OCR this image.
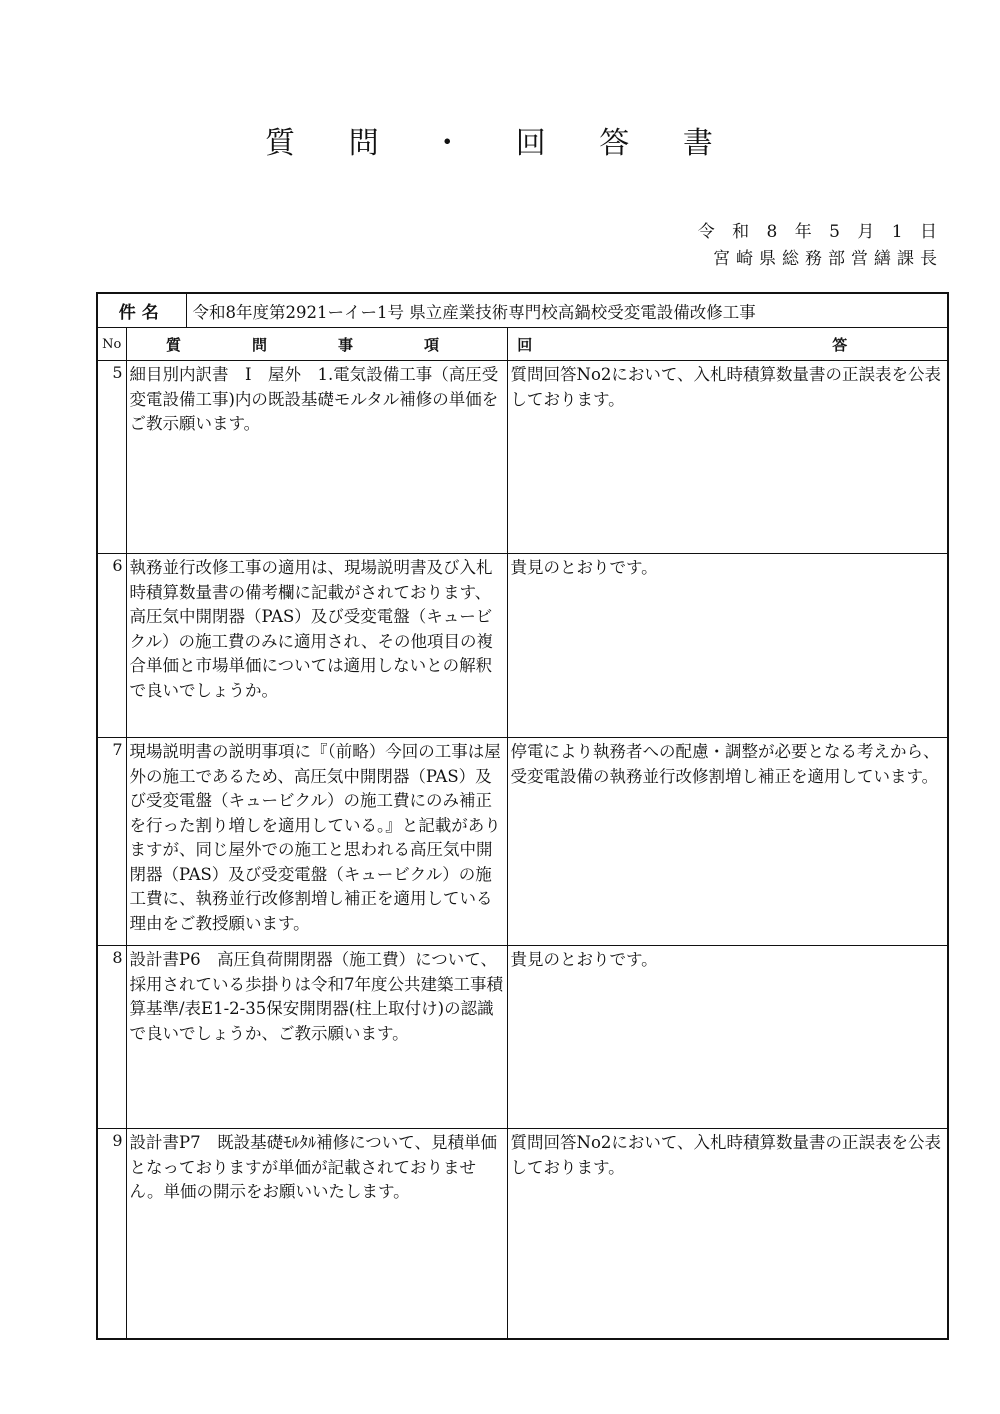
質 問 ・ 回 答 書
令 和 8 年 5 月 1 日
宮崎県総務部営繕課長
件名		令和8年度第2921ーイー1号 県立産業技術専門校高鍋校受変電設備改修工事	
No	質　問　事　項		回　　答
5	細目別内訳書　Ⅰ　屋外　1.電気設備工事（高圧受変電設備工事)内の既設基礎モルタル補修の単価をご教示願います。		質問回答No2において、入札時積算数量書の正誤表を公表しております。
6	執務並行改修工事の適用は、現場説明書及び入札時積算数量書の備考欄に記載がされております、高圧気中開閉器（PAS）及び受変電盤（キュービクル）の施工費のみに適用され、その他項目の複合単価と市場単価については適用しないとの解釈で良いでしょうか。		貴見のとおりです。
7	現場説明書の説明事項に『（前略）今回の工事は屋外の施工であるため、高圧気中開閉器（PAS）及び受変電盤（キュービクル）の施工費にのみ補正を行った割り増しを適用している。』と記載がありますが、同じ屋外での施工と思われる高圧気中開閉器（PAS）及び受変電盤（キュービクル）の施工費に、執務並行改修割増し補正を適用している理由をご教授願います。		停電により執務者への配慮・調整が必要となる考えから、受変電設備の執務並行改修割増し補正を適用しています。
8	設計書P6　高圧負荷開閉器（施工費）について、採用されている歩掛りは令和7年度公共建築工事積算基準/表E1-2-35保安開閉器(柱上取付け)の認識で良いでしょうか、ご教示願います。		貴見のとおりです。
9	設計書P7　既設基礎ﾓﾙﾀﾙ補修について、見積単価となっておりますが単価が記載されておりません。単価の開示をお願いいたします。		質問回答No2において、入札時積算数量書の正誤表を公表しております。
